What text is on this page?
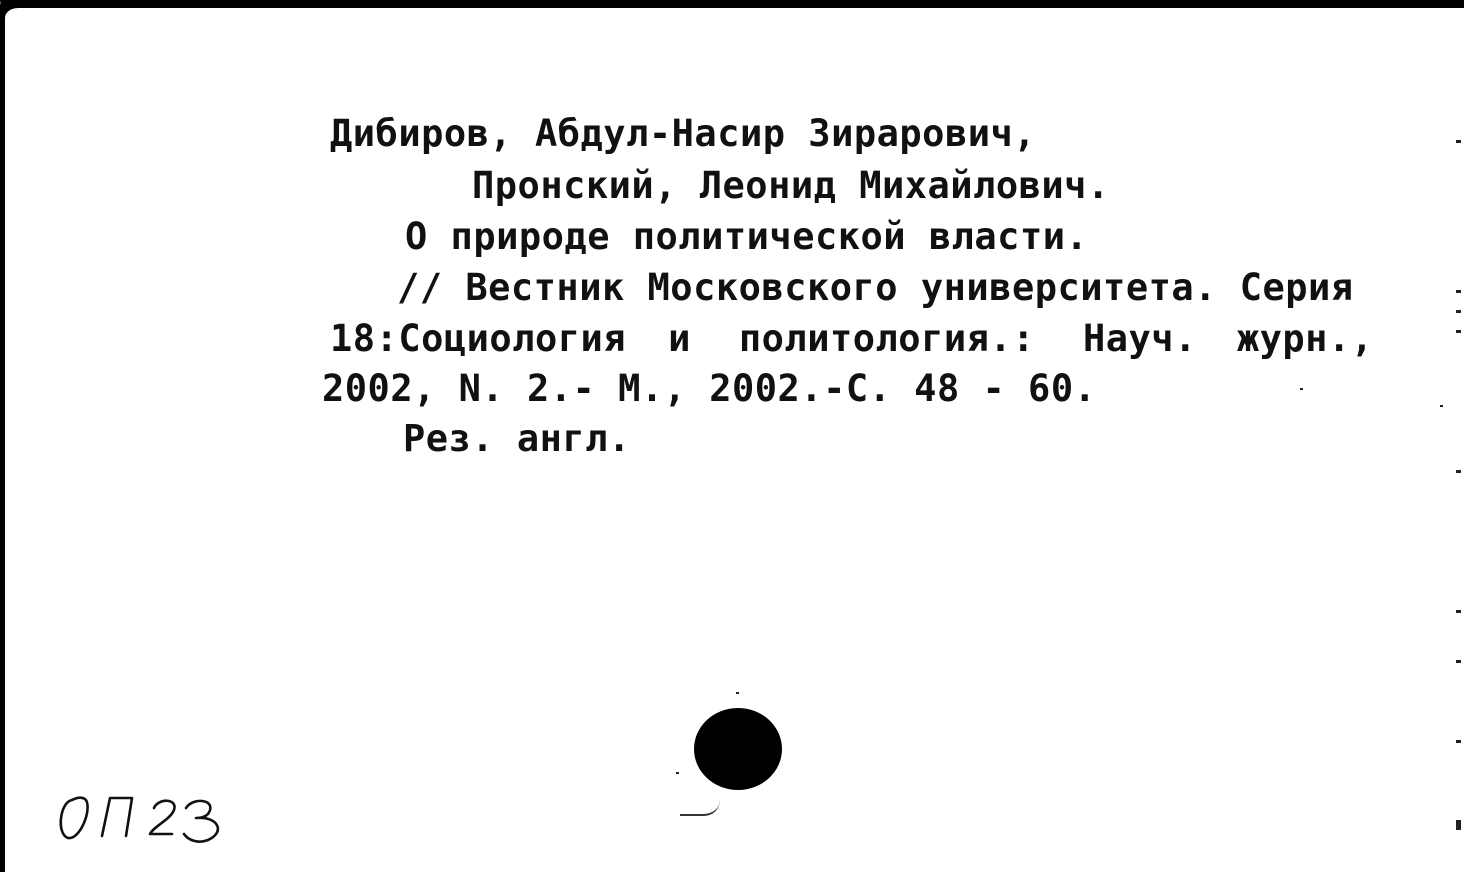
Дибиров, Абдул-Насир Зирарович,

Пронский, Леонид Михайлович.

О природе политической власти.

// Вестник Московского университета. Серия

18:Социология и политология.: Науч. журн.,

2002, N. 2.- М., 2002.-С. 48 - 60.

Рез. англ.
